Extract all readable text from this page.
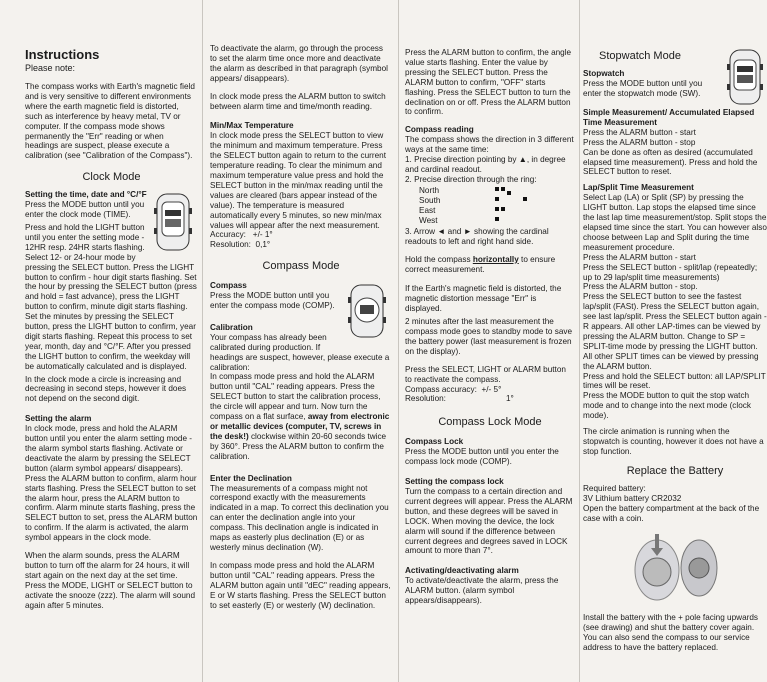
Instructions

Please note:

The compass works with Earth's magnetic field and is very sensitive to different environments where the earth magnetic field is distorted, such as interference by heavy metal, TV or computer. If the compass mode shows permanently the "Err" reading or when headings are suspect, please execute a calibration (see "Calibration of the Compass").

Clock Mode
Setting the time, date and °C/°F

Press the MODE button until you enter the clock mode (TIME).

Press and hold the LIGHT button until you enter the setting mode - 12HR resp. 24HR starts flashing. Select 12- or 24-hour mode by pressing the SELECT button. Press the LIGHT button to confirm - hour digit starts flashing. Set the hour by pressing the SELECT button (press and hold = fast advance), press the LIGHT button to confirm, minute digit starts flashing. Set the minutes by pressing the SELECT button, press the LIGHT button to confirm, year digit starts flashing. Repeat this process to set year, month, day and °C/°F. After you pressed the LIGHT button to confirm, the weekday will be automatically calculated and is displayed.

In the clock mode a circle is increasing and decreasing in second steps, however it does not depend on the second digit.

Setting the alarm

In clock mode, press and hold the ALARM button until you enter the alarm setting mode - the alarm symbol starts flashing. Activate or deactivate the alarm by pressing the SELECT button (alarm symbol appears/ disappears). Press the ALARM button to confirm, alarm hour starts flashing. Press the SELECT button to set the alarm hour, press the ALARM button to confirm. Alarm minute starts flashing, press the SELECT button to set, press the ALARM button to confirm. If the alarm is activated, the alarm symbol appears in the clock mode.

When the alarm sounds, press the ALARM button to turn off the alarm for 24 hours, it will start again on the next day at the set time. Press the MODE, LIGHT or SELECT button to activate the snooze (zzz). The alarm will sound again after 5 minutes.

To deactivate the alarm, go through the process to set the alarm time once more and deactivate the alarm as described in that paragraph (symbol appears/ disappears).

In clock mode press the ALARM button to switch between alarm time and time/month reading.

Min/Max Temperature

In clock mode press the SELECT button to view the minimum and maximum temperature. Press the SELECT button again to return to the current temperature reading. To clear the minimum and maximum temperature value press and hold the SELECT button in the min/max reading until the values are cleared (bars appear instead of the value). The temperature is measured automatically every 5 minutes, so new min/max values will appear after the next measurement.

Accuracy: +/- 1°

Resolution: 0,1°

Compass Mode
Compass

Press the MODE button until you enter the compass mode (COMP).

Calibration

Your compass has already been calibrated during production. If headings are suspect, however, please execute a calibration:

In compass mode press and hold the ALARM button until "CAL" reading appears. Press the SELECT button to start the calibration process, the circle will appear and turn. Now turn the compass on a flat surface, away from electronic or metallic devices (computer, TV, screws in the desk!) clockwise within 20-60 seconds twice by 360°. Press the ALARM button to confirm the calibration.

Enter the Declination

The measurements of a compass might not correspond exactly with the measurements indicated in a map. To correct this declination you can enter the declination angle into your compass. This declination angle is indicated in maps as easterly plus declination (E) or as westerly minus declination (W).

In compass mode press and hold the ALARM button until "CAL" reading appears. Press the ALARM button again until "dEC" reading appears, E or W starts flashing. Press the SELECT button to set easterly (E) or westerly (W) declination.

Press the ALARM button to confirm, the angle value starts flashing. Enter the value by pressing the SELECT button. Press the ALARM button to confirm, "OFF" starts flashing. Press the SELECT button to turn the declination on or off. Press the ALARM button to confirm.

Compass reading

The compass shows the direction in 3 different ways at the same time:

1. Precise direction pointing by ▲, in degree and cardinal readout.

2. Precise direction through the ring:

North
South
East
West

3. Arrow ◄ and ► showing the cardinal readouts to left and right hand side.

Hold the compass horizontally to ensure correct measurement.

If the Earth's magnetic field is distorted, the magnetic distortion message "Err" is displayed.

2 minutes after the last measurement the compass mode goes to standby mode to save the battery power (last measurement is frozen on the display).

Press the SELECT, LIGHT or ALARM button to reactivate the compass.

Compass accuracy: +/- 5°

Resolution:	1°

Compass Lock Mode
Compass Lock

Press the MODE button until you enter the compass lock mode (COMP).

Setting the compass lock

Turn the compass to a certain direction and current degrees will appear. Press the ALARM button, and these degrees will be saved in LOCK. When moving the device, the lock alarm will sound if the difference between current degrees and degrees saved in LOCK amount to more than 7°.

Activating/deactivating alarm

To activate/deactivate the alarm, press the ALARM button. (alarm symbol appears/disappears).

Stopwatch Mode
Stopwatch

Press the MODE button until you enter the stopwatch mode (SW).

Simple Measurement/ Accumulated Elapsed Time Measurement

Press the ALARM button - start

Press the ALARM button - stop

Can be done as often as desired (accumulated elapsed time measurement). Press and hold the SELECT button to reset.

Lap/Split Time Measurement

Select Lap (LA) or Split (SP) by pressing the LIGHT button. Lap stops the elapsed time since the last lap time measurement/stop. Split stops the elapsed time since the start. You can however also choose between Lap and Split during the time measurement procedure.

Press the ALARM button - start

Press the SELECT button - split/lap (repeatedly; up to 29 lap/split time measurements)

Press the ALARM button - stop.

Press the SELECT button to see the fastest lap/split (FASt). Press the SELECT button again, see last lap/split. Press the SELECT button again - R appears. All other LAP-times can be viewed by pressing the ALARM button. Change to SP = SPLIT-time mode by pressing the LIGHT button. All other SPLIT times can be viewed by pressing the ALARM button.

Press and hold the SELECT button: all LAP/SPLIT times will be reset.

Press the MODE button to quit the stop watch mode and to change into the next mode (clock mode).

The circle animation is running when the stopwatch is counting, however it does not have a stop function.

Replace the Battery

Required battery:

3V Lithium battery CR2032

Open the battery compartment at the back of the case with a coin.

Install the battery with the + pole facing upwards (see drawing) and shut the battery cover again. You can also send the compass to our service address to have the battery replaced.
